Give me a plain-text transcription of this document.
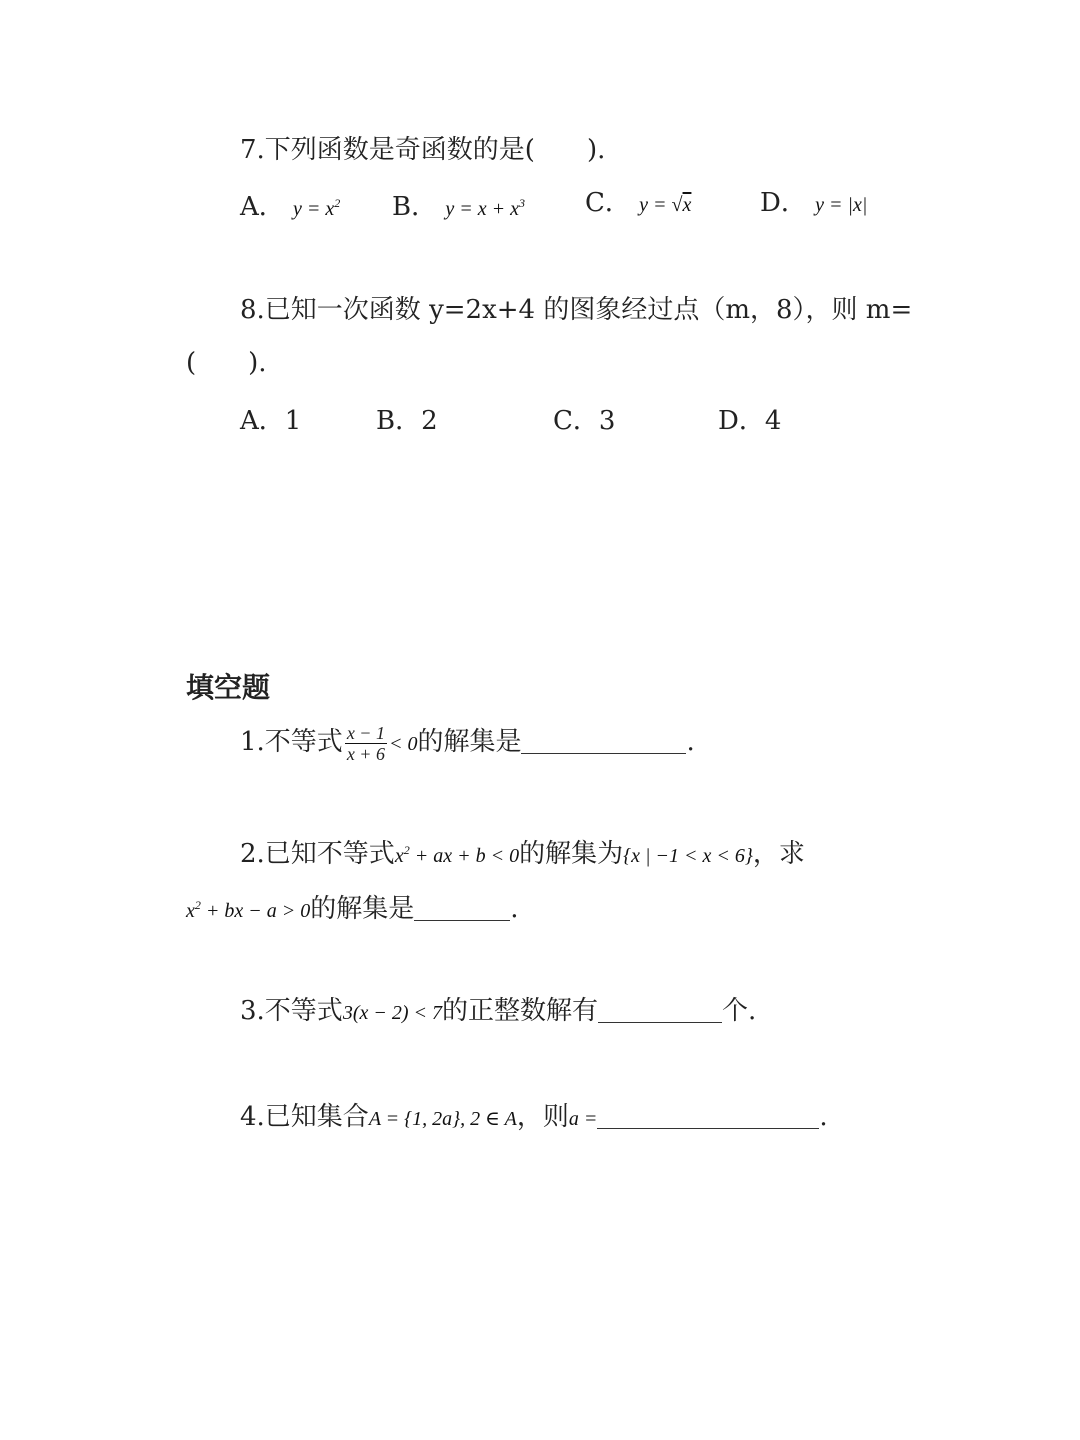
7.下列函数是奇函数的是(　　).
A． $y = x^2$ B． $y = x + x^3$ C． y = √x	D． y = |x|
8.已知一次函数 y=2x+4 的图象经过点（m，8），则 m=
(　　).
A．1	B．2	C．3	D．4
填空题
1.不等式 $\frac{x - 1}{x + 6} < 0$的解集是	.
2.已知不等式$x^2$ + ax + b < 0的解集为{x | −1 < x < 6}，求
$x^2$ + bx − a > 0的解集是	.
3.不等式3(x − 2) < 7的正整数解有	个.
4.已知集合A = {1, 2a}, 2 ∈ A，则a =	.
